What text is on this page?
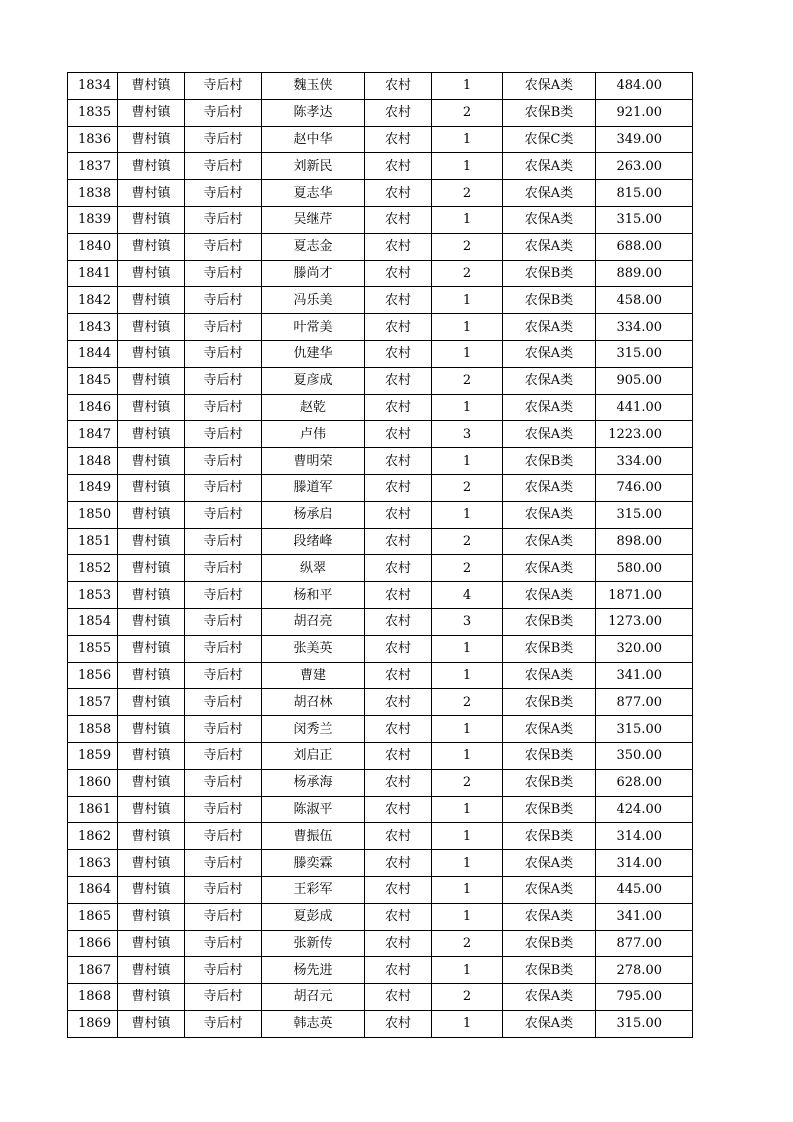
1834	曹村镇	寺后村	魏玉侠	农村	1	农保A类	484.00
1835	曹村镇	寺后村	陈孝达	农村	2	农保B类	921.00
1836	曹村镇	寺后村	赵中华	农村	1	农保C类	349.00
1837	曹村镇	寺后村	刘新民	农村	1	农保A类	263.00
1838	曹村镇	寺后村	夏志华	农村	2	农保A类	815.00
1839	曹村镇	寺后村	吴继芹	农村	1	农保A类	315.00
1840	曹村镇	寺后村	夏志金	农村	2	农保A类	688.00
1841	曹村镇	寺后村	滕尚才	农村	2	农保B类	889.00
1842	曹村镇	寺后村	冯乐美	农村	1	农保B类	458.00
1843	曹村镇	寺后村	叶常美	农村	1	农保A类	334.00
1844	曹村镇	寺后村	仇建华	农村	1	农保A类	315.00
1845	曹村镇	寺后村	夏彦成	农村	2	农保A类	905.00
1846	曹村镇	寺后村	赵乾	农村	1	农保A类	441.00
1847	曹村镇	寺后村	卢伟	农村	3	农保A类	1223.00
1848	曹村镇	寺后村	曹明荣	农村	1	农保B类	334.00
1849	曹村镇	寺后村	滕道军	农村	2	农保A类	746.00
1850	曹村镇	寺后村	杨承启	农村	1	农保A类	315.00
1851	曹村镇	寺后村	段绪峰	农村	2	农保A类	898.00
1852	曹村镇	寺后村	纵翠	农村	2	农保A类	580.00
1853	曹村镇	寺后村	杨和平	农村	4	农保A类	1871.00
1854	曹村镇	寺后村	胡召亮	农村	3	农保B类	1273.00
1855	曹村镇	寺后村	张美英	农村	1	农保B类	320.00
1856	曹村镇	寺后村	曹建	农村	1	农保A类	341.00
1857	曹村镇	寺后村	胡召林	农村	2	农保B类	877.00
1858	曹村镇	寺后村	闵秀兰	农村	1	农保A类	315.00
1859	曹村镇	寺后村	刘启正	农村	1	农保B类	350.00
1860	曹村镇	寺后村	杨承海	农村	2	农保B类	628.00
1861	曹村镇	寺后村	陈淑平	农村	1	农保B类	424.00
1862	曹村镇	寺后村	曹振伍	农村	1	农保B类	314.00
1863	曹村镇	寺后村	滕奕霖	农村	1	农保A类	314.00
1864	曹村镇	寺后村	王彩军	农村	1	农保A类	445.00
1865	曹村镇	寺后村	夏彭成	农村	1	农保A类	341.00
1866	曹村镇	寺后村	张新传	农村	2	农保B类	877.00
1867	曹村镇	寺后村	杨先进	农村	1	农保B类	278.00
1868	曹村镇	寺后村	胡召元	农村	2	农保A类	795.00
1869	曹村镇	寺后村	韩志英	农村	1	农保A类	315.00
